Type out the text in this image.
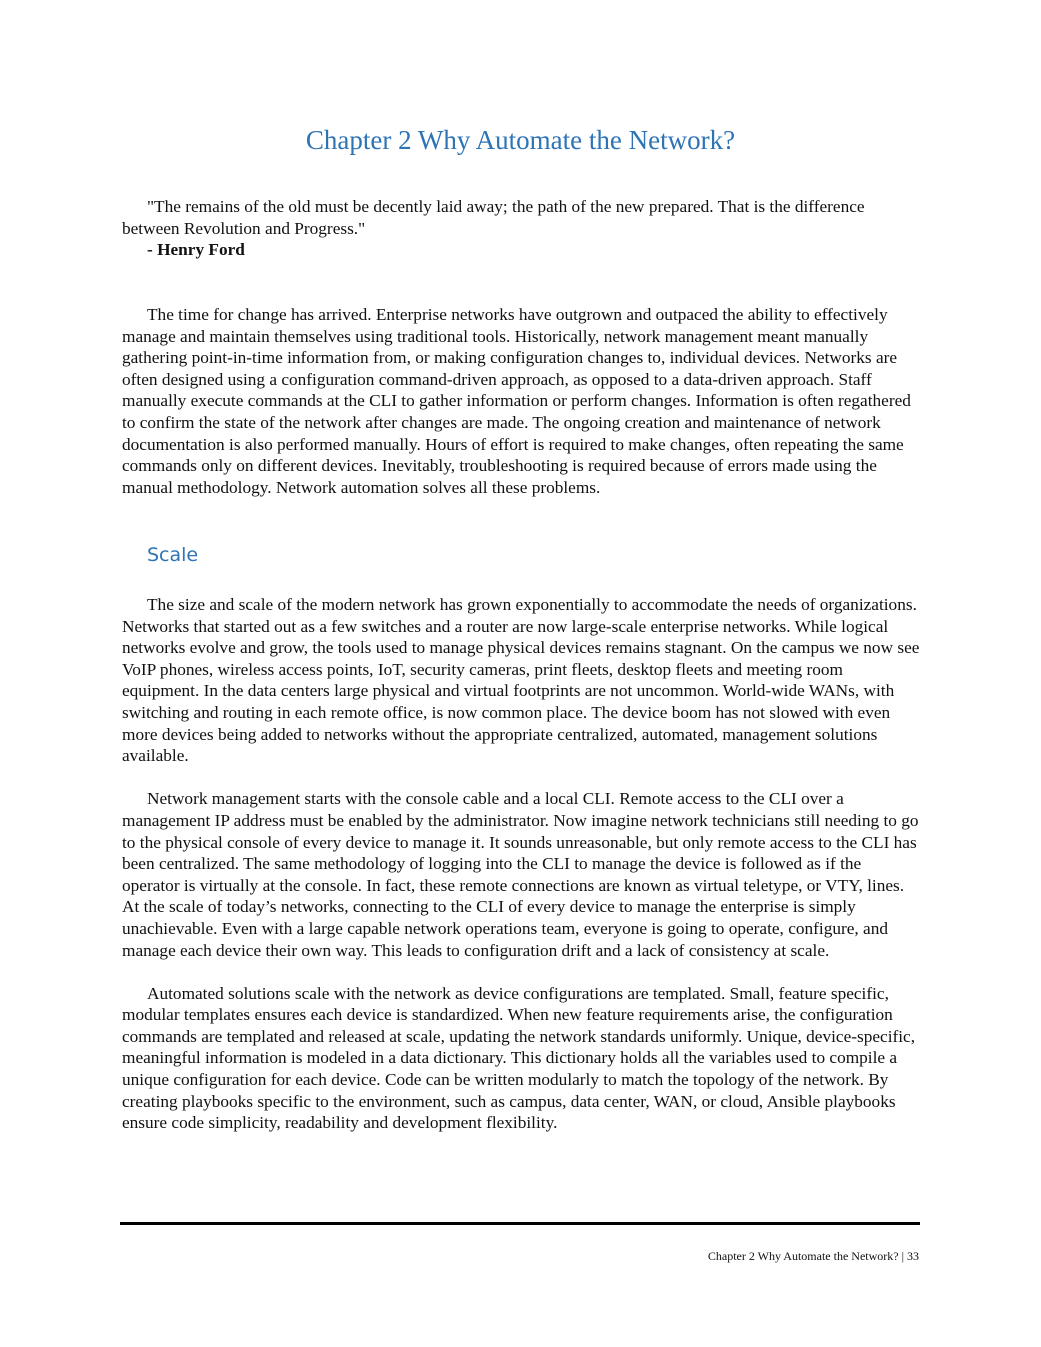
Chapter 2 Why Automate the Network?

"The remains of the old must be decently laid away; the path of the new prepared. That is the difference between Revolution and Progress."

- Henry Ford

The time for change has arrived. Enterprise networks have outgrown and outpaced the ability to effectively manage and maintain themselves using traditional tools. Historically, network management meant manually gathering point-in-time information from, or making configuration changes to, individual devices. Networks are often designed using a configuration command-driven approach, as opposed to a data-driven approach. Staff manually execute commands at the CLI to gather information or perform changes. Information is often regathered to confirm the state of the network after changes are made. The ongoing creation and maintenance of network documentation is also performed manually. Hours of effort is required to make changes, often repeating the same commands only on different devices. Inevitably, troubleshooting is required because of errors made using the manual methodology. Network automation solves all these problems.

Scale

The size and scale of the modern network has grown exponentially to accommodate the needs of organizations. Networks that started out as a few switches and a router are now large-scale enterprise networks. While logical networks evolve and grow, the tools used to manage physical devices remains stagnant. On the campus we now see VoIP phones, wireless access points, IoT, security cameras, print fleets, desktop fleets and meeting room equipment. In the data centers large physical and virtual footprints are not uncommon. World-wide WANs, with switching and routing in each remote office, is now common place. The device boom has not slowed with even more devices being added to networks without the appropriate centralized, automated, management solutions available.

Network management starts with the console cable and a local CLI. Remote access to the CLI over a management IP address must be enabled by the administrator. Now imagine network technicians still needing to go to the physical console of every device to manage it. It sounds unreasonable, but only remote access to the CLI has been centralized. The same methodology of logging into the CLI to manage the device is followed as if the operator is virtually at the console. In fact, these remote connections are known as virtual teletype, or VTY, lines. At the scale of today’s networks, connecting to the CLI of every device to manage the enterprise is simply unachievable. Even with a large capable network operations team, everyone is going to operate, configure, and manage each device their own way. This leads to configuration drift and a lack of consistency at scale.

Automated solutions scale with the network as device configurations are templated. Small, feature specific, modular templates ensures each device is standardized. When new feature requirements arise, the configuration commands are templated and released at scale, updating the network standards uniformly. Unique, device-specific, meaningful information is modeled in a data dictionary. This dictionary holds all the variables used to compile a unique configuration for each device. Code can be written modularly to match the topology of the network. By creating playbooks specific to the environment, such as campus, data center, WAN, or cloud, Ansible playbooks ensure code simplicity, readability and development flexibility.

Chapter 2 Why Automate the Network? | 33
